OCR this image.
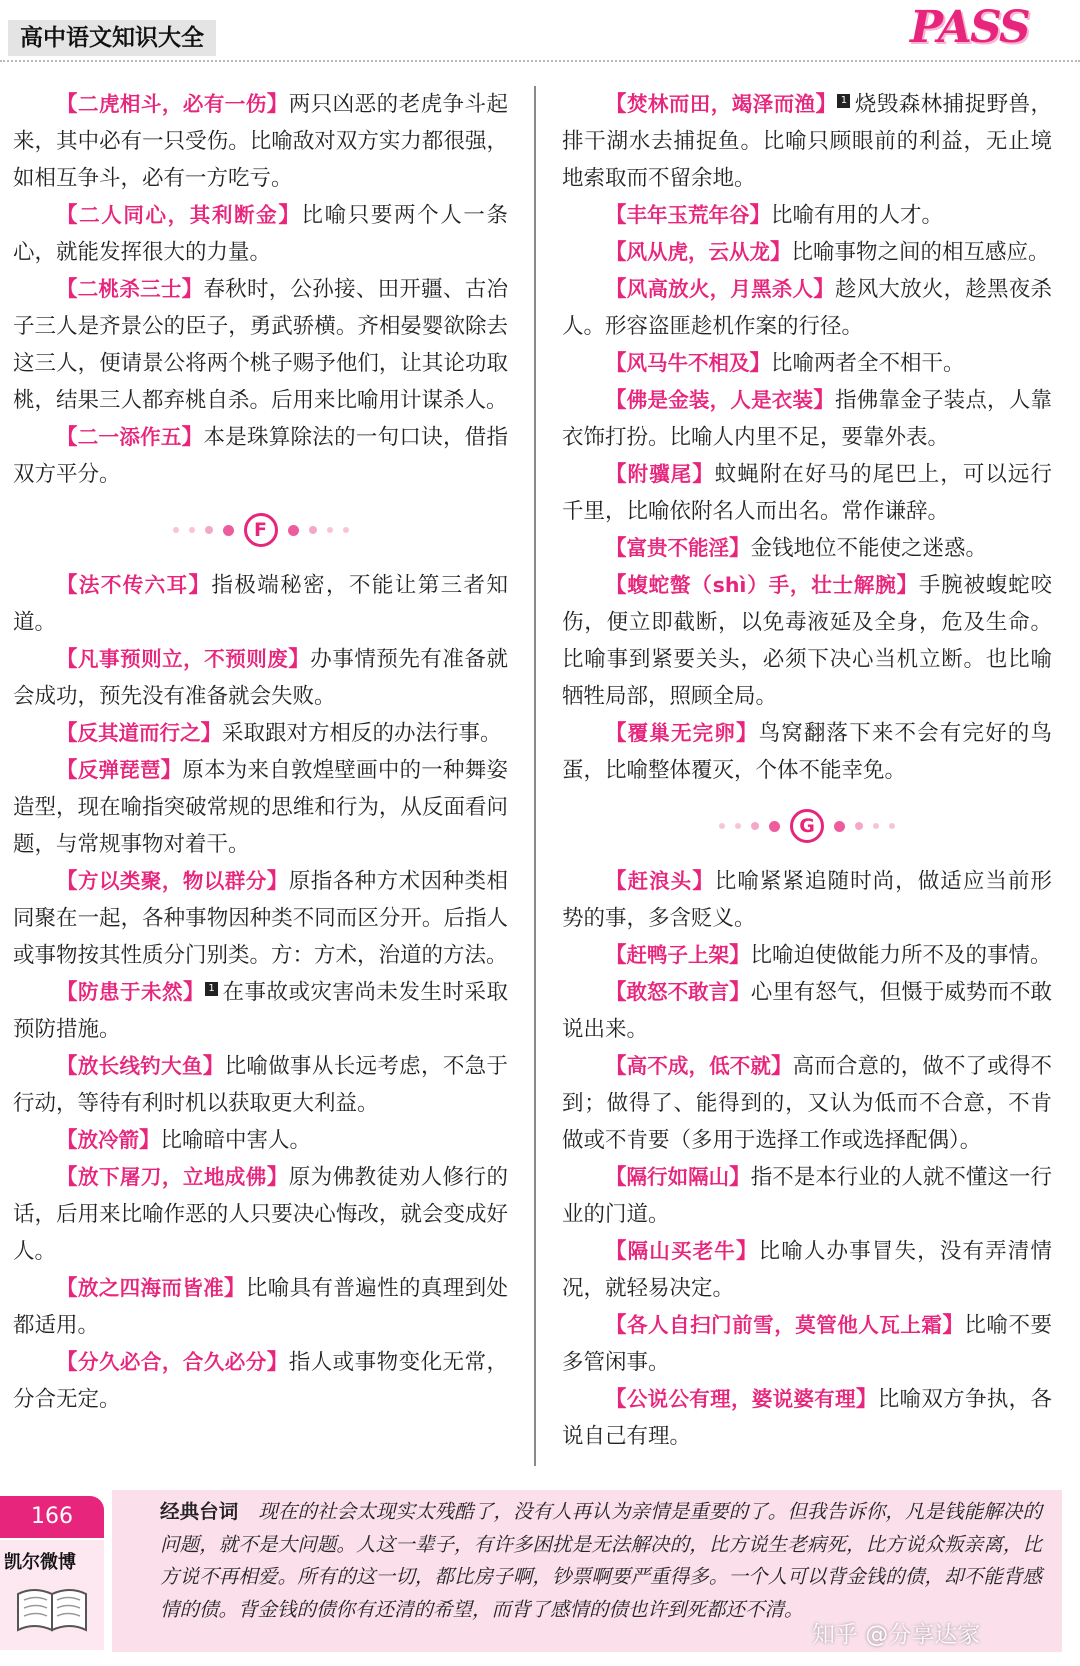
高中语文知识大全	PASS

【二虎相斗，必有一伤】两只凶恶的老虎争斗起来，其中必有一只受伤。比喻敌对双方实力都很强，如相互争斗，必有一方吃亏。

【二人同心，其利断金】比喻只要两个人一条心，就能发挥很大的力量。

【二桃杀三士】春秋时，公孙接、田开疆、古冶子三人是齐景公的臣子，勇武骄横。齐相晏婴欲除去这三人，便请景公将两个桃子赐予他们，让其论功取桃，结果三人都弃桃自杀。后用来比喻用计谋杀人。

【二一添作五】本是珠算除法的一句口诀，借指双方平分。

F

【法不传六耳】指极端秘密，不能让第三者知道。

【凡事预则立，不预则废】办事情预先有准备就会成功，预先没有准备就会失败。

【反其道而行之】采取跟对方相反的办法行事。

【反弹琵琶】原本为来自敦煌壁画中的一种舞姿造型，现在喻指突破常规的思维和行为，从反面看问题，与常规事物对着干。

【方以类聚，物以群分】原指各种方术因种类相同聚在一起，各种事物因种类不同而区分开。后指人或事物按其性质分门别类。方：方术，治道的方法。

【防患于未然】 1 在事故或灾害尚未发生时采取预防措施。

【放长线钓大鱼】比喻做事从长远考虑，不急于行动，等待有利时机以获取更大利益。

【放冷箭】比喻暗中害人。

【放下屠刀，立地成佛】原为佛教徒劝人修行的话，后用来比喻作恶的人只要决心悔改，就会变成好人。

【放之四海而皆准】比喻具有普遍性的真理到处都适用。

【分久必合，合久必分】指人或事物变化无常，分合无定。

【焚林而田，竭泽而渔】 1 烧毁森林捕捉野兽，排干湖水去捕捉鱼。比喻只顾眼前的利益，无止境地索取而不留余地。

【丰年玉荒年谷】比喻有用的人才。

【风从虎，云从龙】比喻事物之间的相互感应。

【风高放火，月黑杀人】趁风大放火，趁黑夜杀人。形容盗匪趁机作案的行径。

【风马牛不相及】比喻两者全不相干。

【佛是金装，人是衣装】指佛靠金子装点，人靠衣饰打扮。比喻人内里不足，要靠外表。

【附骥尾】蚊蝇附在好马的尾巴上，可以远行千里，比喻依附名人而出名。常作谦辞。

【富贵不能淫】金钱地位不能使之迷惑。

【蝮蛇螫（shì）手，壮士解腕】手腕被蝮蛇咬伤，便立即截断，以免毒液延及全身，危及生命。比喻事到紧要关头，必须下决心当机立断。也比喻牺牲局部，照顾全局。

【覆巢无完卵】鸟窝翻落下来不会有完好的鸟蛋，比喻整体覆灭，个体不能幸免。

G

【赶浪头】比喻紧紧追随时尚，做适应当前形势的事，多含贬义。

【赶鸭子上架】比喻迫使做能力所不及的事情。

【敢怒不敢言】心里有怒气，但慑于威势而不敢说出来。

【高不成，低不就】高而合意的，做不了或得不到；做得了、能得到的，又认为低而不合意，不肯做或不肯要（多用于选择工作或选择配偶）。

【隔行如隔山】指不是本行业的人就不懂这一行业的门道。

【隔山买老牛】比喻人办事冒失，没有弄清情况，就轻易决定。

【各人自扫门前雪，莫管他人瓦上霜】比喻不要多管闲事。

【公说公有理，婆说婆有理】比喻双方争执，各说自己有理。

166
凯尔微博
经典台词 现在的社会太现实太残酷了，没有人再认为亲情是重要的了。但我告诉你，凡是钱能解决的问题，就不是大问题。人这一辈子，有许多困扰是无法解决的，比方说生老病死，比方说众叛亲离，比方说不再相爱。所有的这一切，都比房子啊，钞票啊要严重得多。一个人可以背金钱的债，却不能背感情的债。背金钱的债你有还清的希望，而背了感情的债也许到死都还不清。
知乎 @分享达家
